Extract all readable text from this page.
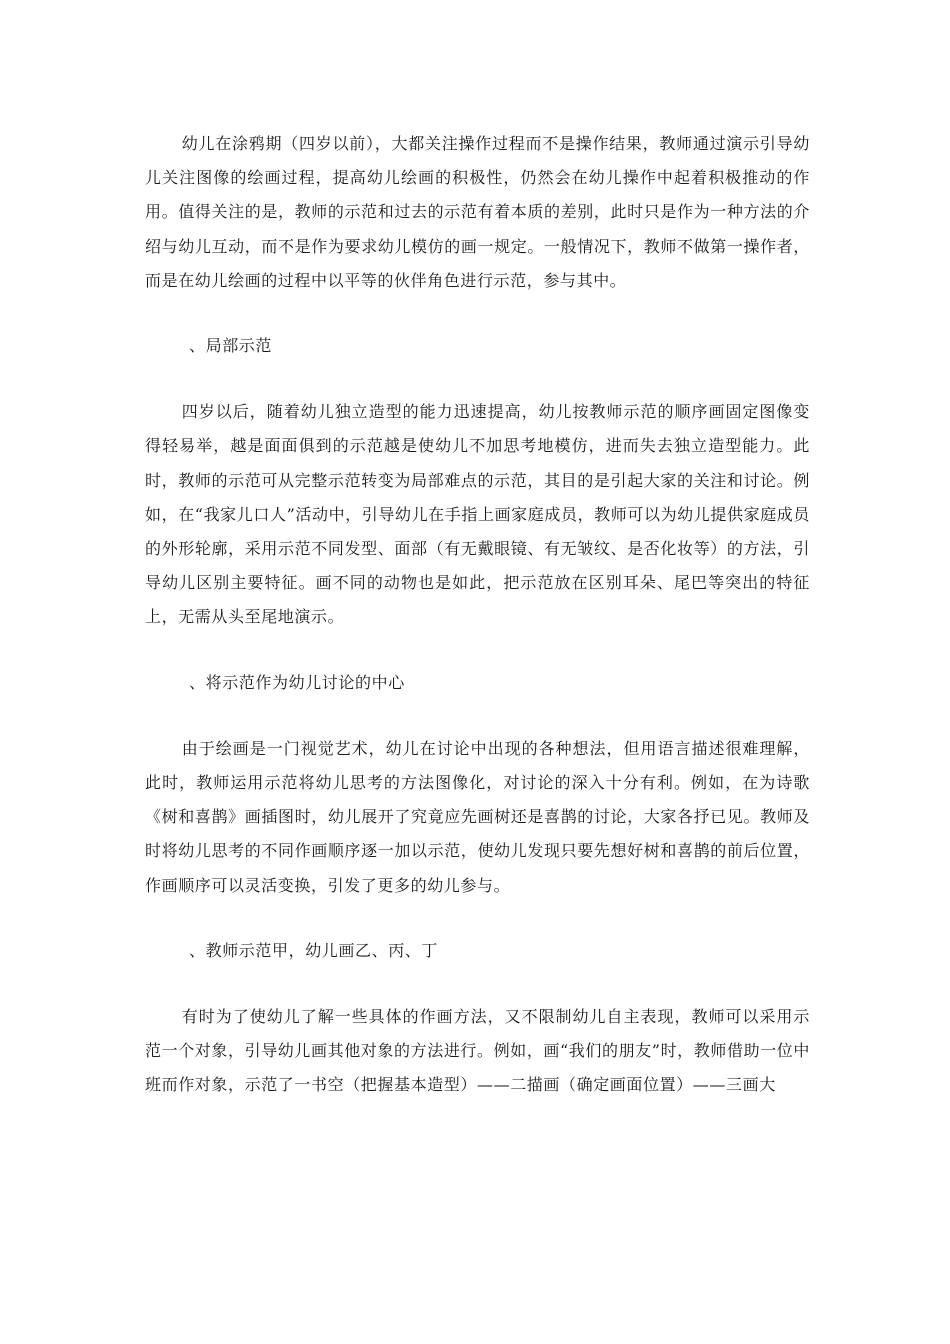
幼儿在涂鸦期（四岁以前），大都关注操作过程而不是操作结果，教师通过演示引导幼儿关注图像的绘画过程，提高幼儿绘画的积极性，仍然会在幼儿操作中起着积极推动的作用。值得关注的是，教师的示范和过去的示范有着本质的差别，此时只是作为一种方法的介绍与幼儿互动，而不是作为要求幼儿模仿的画一规定。一般情况下，教师不做第一操作者，而是在幼儿绘画的过程中以平等的伙伴角色进行示范，参与其中。

、局部示范

四岁以后，随着幼儿独立造型的能力迅速提高，幼儿按教师示范的顺序画固定图像变得轻易举，越是面面俱到的示范越是使幼儿不加思考地模仿，进而失去独立造型能力。此时，教师的示范可从完整示范转变为局部难点的示范，其目的是引起大家的关注和讨论。例如，在“我家儿口人”活动中，引导幼儿在手指上画家庭成员，教师可以为幼儿提供家庭成员的外形轮廓，采用示范不同发型、面部（有无戴眼镜、有无皱纹、是否化妆等）的方法，引导幼儿区别主要特征。画不同的动物也是如此，把示范放在区别耳朵、尾巴等突出的特征上，无需从头至尾地演示。

、将示范作为幼儿讨论的中心

由于绘画是一门视觉艺术，幼儿在讨论中出现的各种想法，但用语言描述很难理解，此时，教师运用示范将幼儿思考的方法图像化，对讨论的深入十分有利。例如，在为诗歌《树和喜鹊》画插图时，幼儿展开了究竟应先画树还是喜鹊的讨论，大家各抒已见。教师及时将幼儿思考的不同作画顺序逐一加以示范，使幼儿发现只要先想好树和喜鹊的前后位置，作画顺序可以灵活变换，引发了更多的幼儿参与。

、教师示范甲，幼儿画乙、丙、丁

有时为了使幼儿了解一些具体的作画方法，又不限制幼儿自主表现，教师可以采用示范一个对象，引导幼儿画其他对象的方法进行。例如，画“我们的朋友”时，教师借助一位中班而作对象，示范了一书空（把握基本造型）——二描画（确定画面位置）——三画大
